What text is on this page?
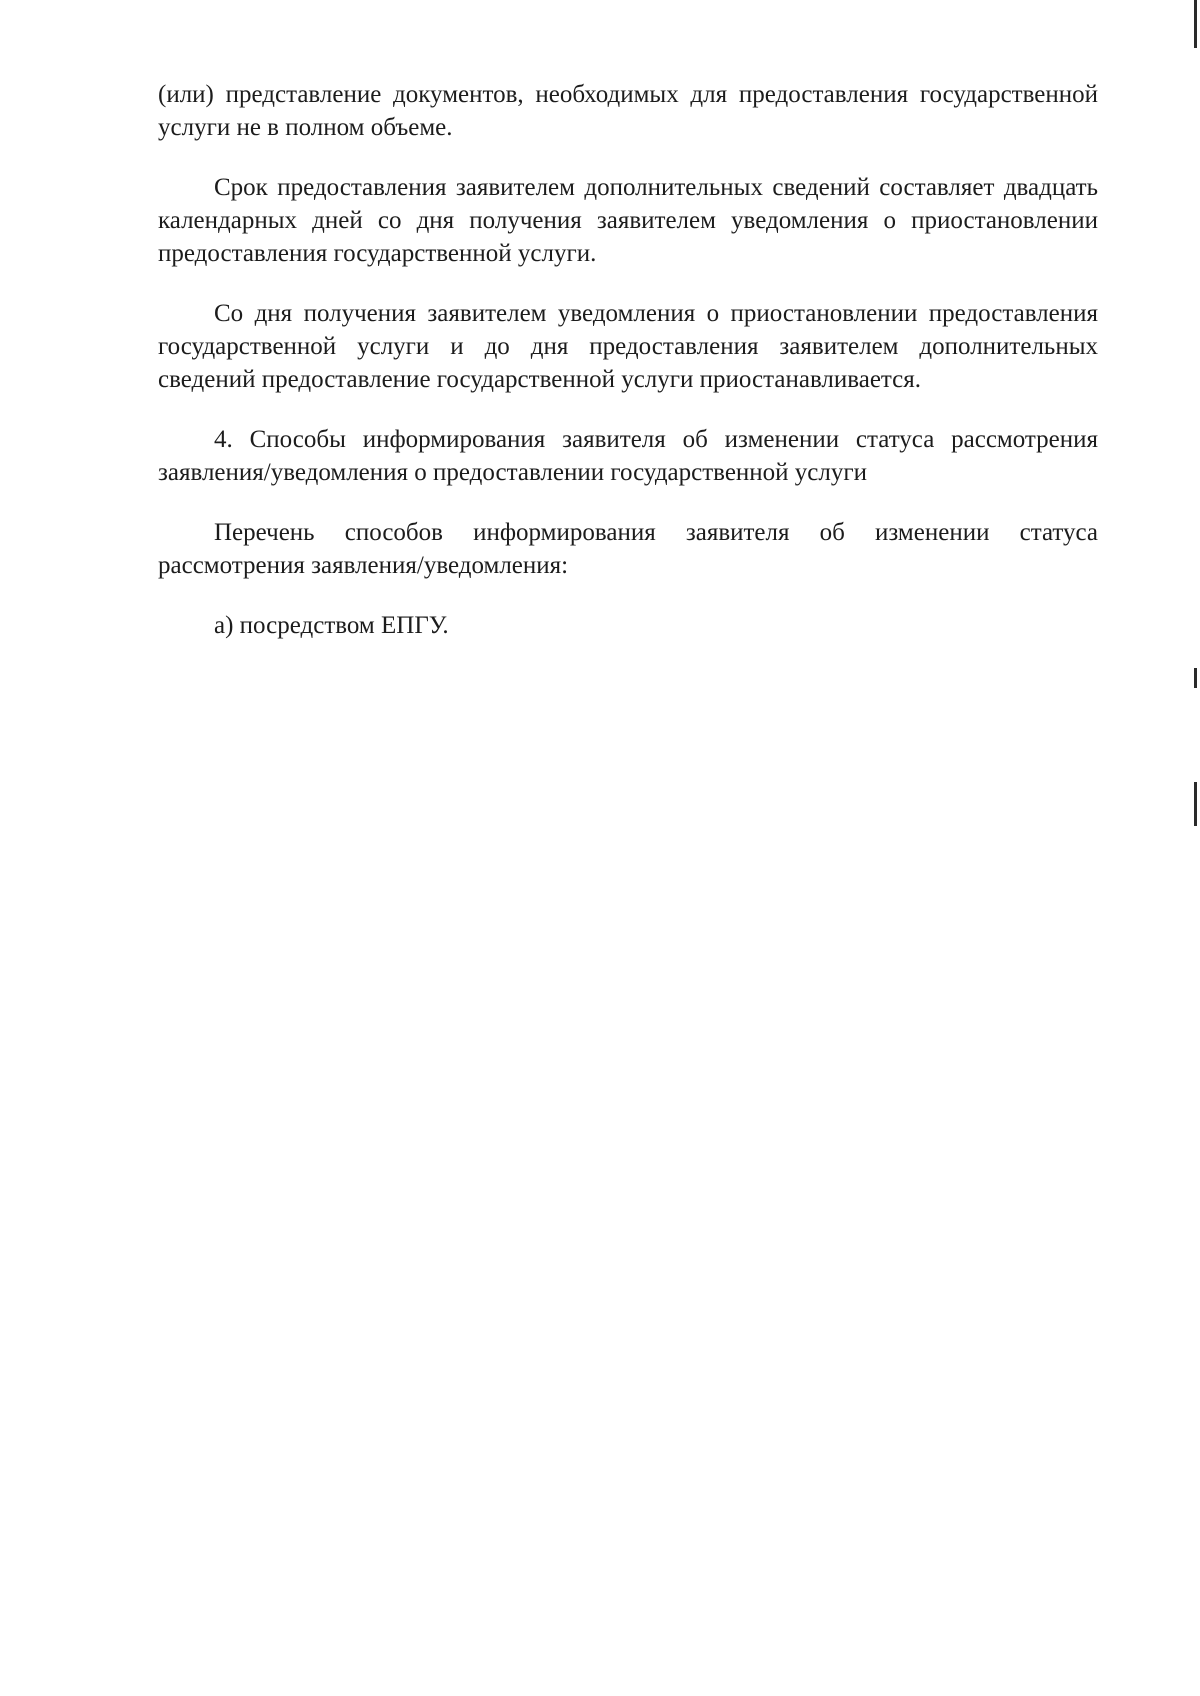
(или) представление документов, необходимых для предоставления государственной услуги не в полном объеме.

Срок предоставления заявителем дополнительных сведений составляет двадцать календарных дней со дня получения заявителем уведомления о приостановлении предоставления государственной услуги.

Со дня получения заявителем уведомления о приостановлении предоставления государственной услуги и до дня предоставления заявителем дополнительных сведений предоставление государственной услуги приостанавливается.

4. Способы информирования заявителя об изменении статуса рассмотрения заявления/уведомления о предоставлении государственной услуги

Перечень способов информирования заявителя об изменении статуса рассмотрения заявления/уведомления:

а) посредством ЕПГУ.
